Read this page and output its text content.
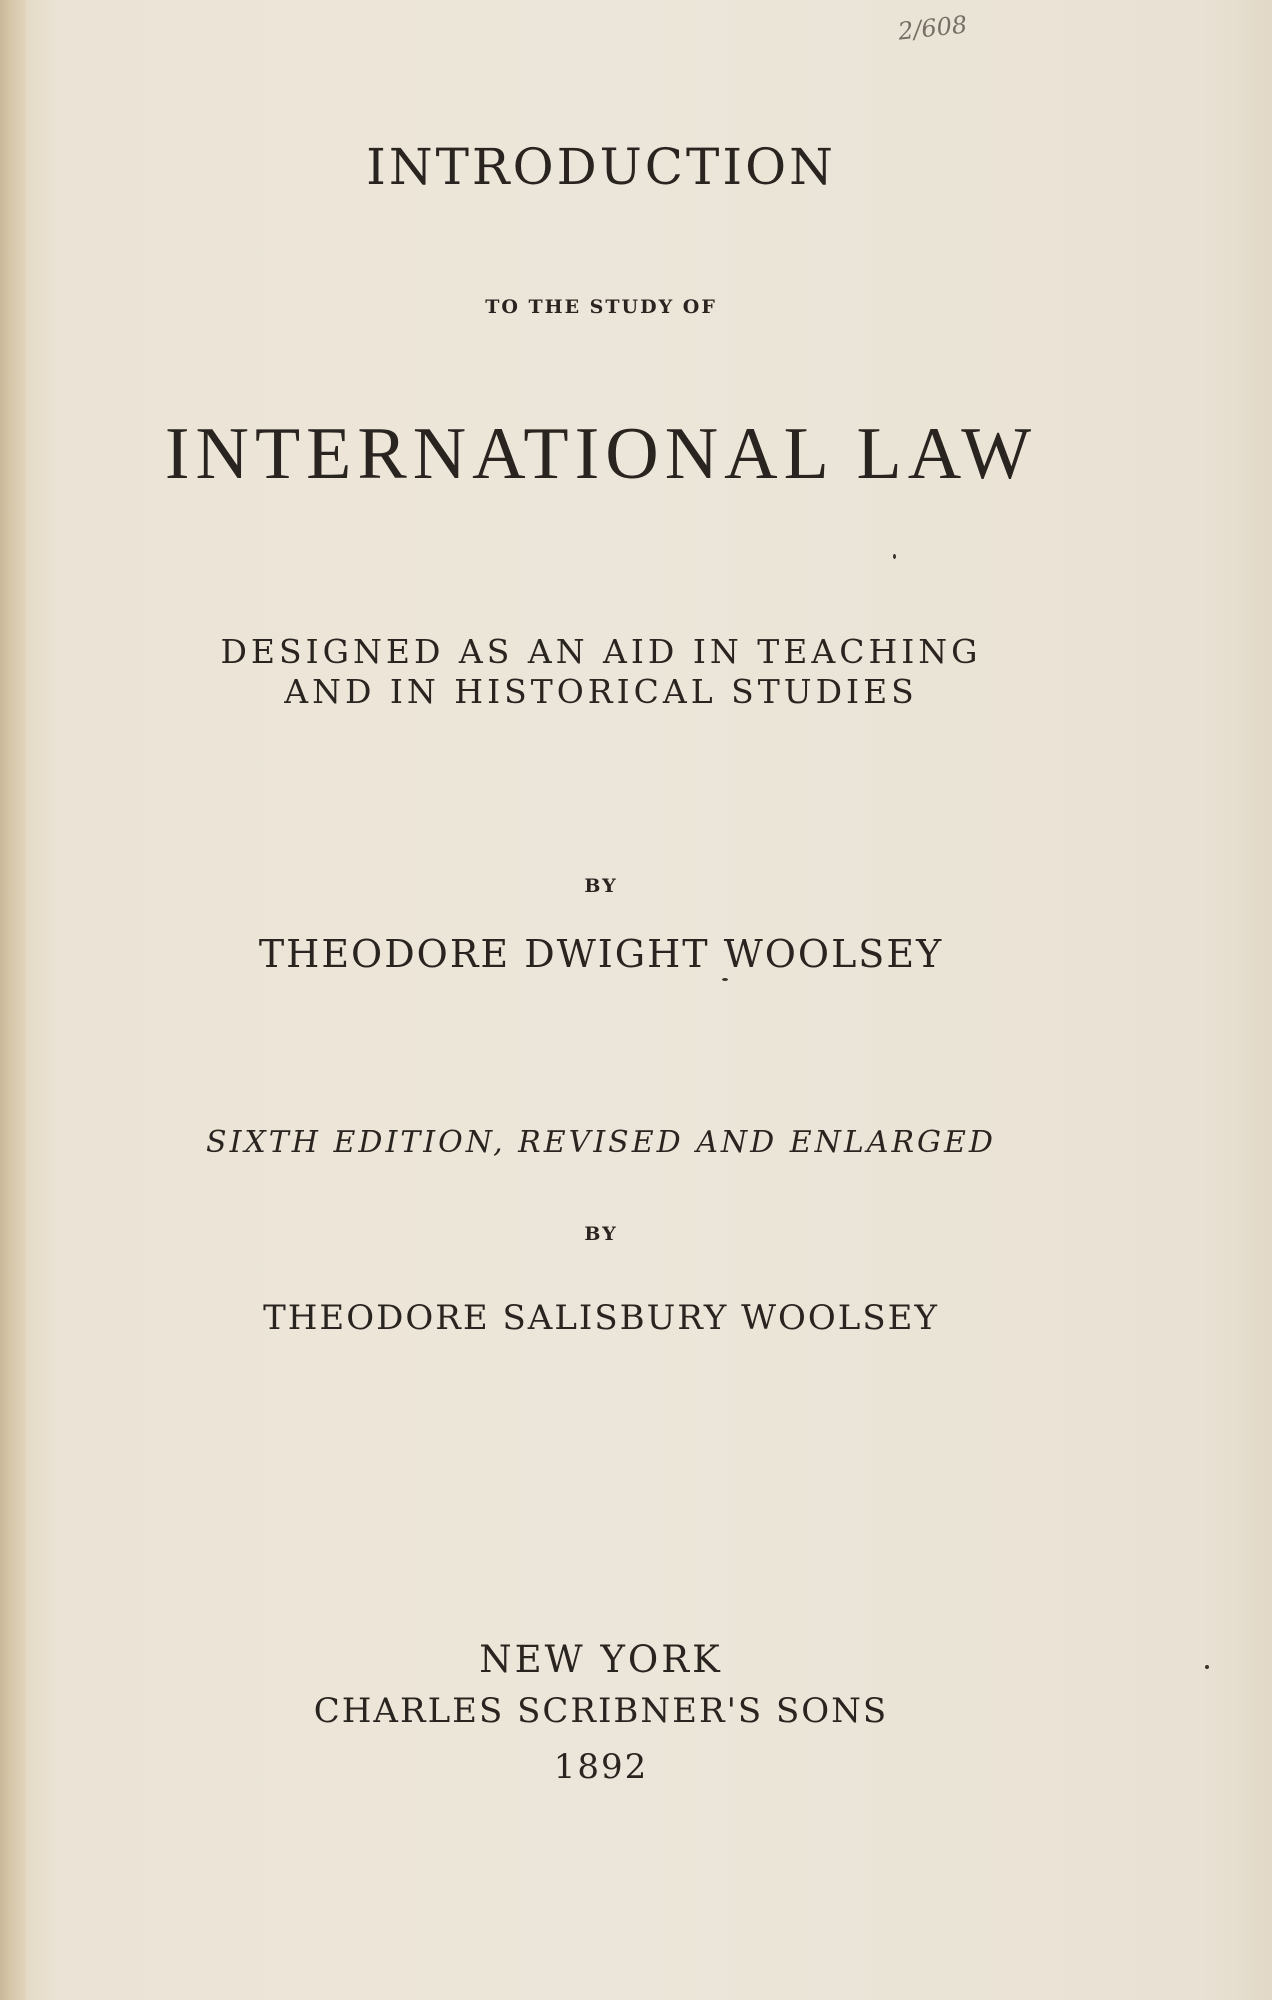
2/608
INTRODUCTION
TO THE STUDY OF
INTERNATIONAL LAW
DESIGNED AS AN AID IN TEACHING
AND IN HISTORICAL STUDIES
BY
THEODORE DWIGHT WOOLSEY
SIXTH EDITION, REVISED AND ENLARGED
BY
THEODORE SALISBURY WOOLSEY
NEW YORK
CHARLES SCRIBNER'S SONS
1892
